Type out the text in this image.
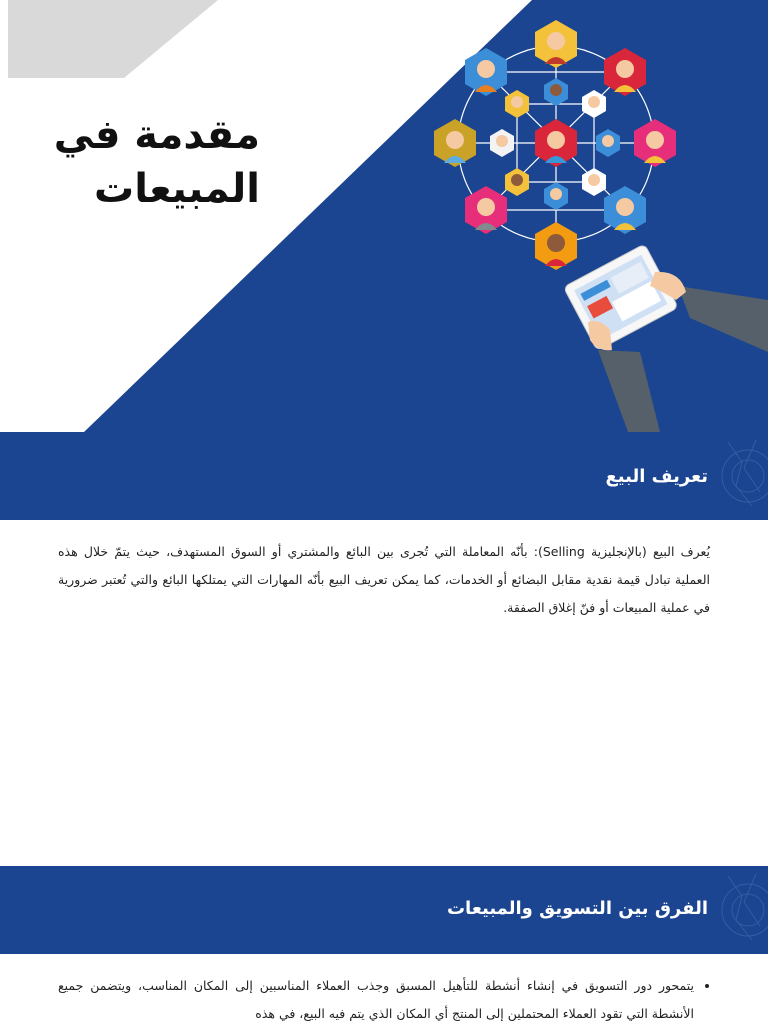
مقدمة في
المبيعات
تعريف البيع
يُعرف البيع (بالإنجليزية Selling): بأنّه المعاملة التي تُجرى بين البائع والمشتري أو السوق المستهدف، حيث يتمّ خلال هذه العملية تبادل قيمة نقدية مقابل البضائع أو الخدمات، كما يمكن تعريف البيع بأنّه المهارات التي يمتلكها البائع والتي تُعتبر ضرورية في عملية المبيعات أو فنّ إغلاق الصفقة.
الفرق بين التسويق والمبيعات
• يتمحور دور التسويق في إنشاء أنشطة للتأهيل المسبق وجذب العملاء المناسبين إلى المكان المناسب، ويتضمن جميع الأنشطة التي تقود العملاء المحتملين إلى المنتج أي المكان الذي يتم فيه البيع، في هذه
